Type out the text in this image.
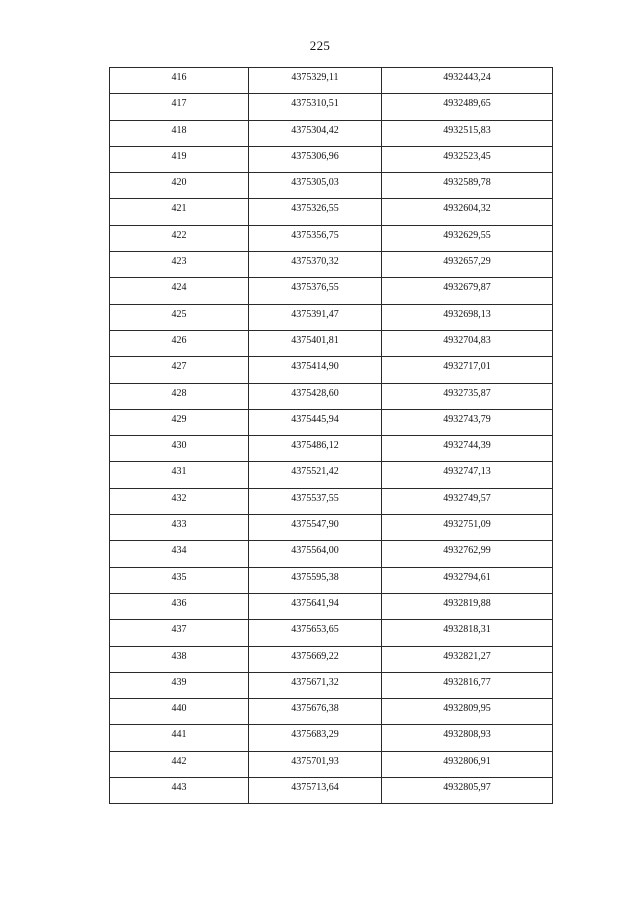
225
416	4375329,11	4932443,24
417	4375310,51	4932489,65
418	4375304,42	4932515,83
419	4375306,96	4932523,45
420	4375305,03	4932589,78
421	4375326,55	4932604,32
422	4375356,75	4932629,55
423	4375370,32	4932657,29
424	4375376,55	4932679,87
425	4375391,47	4932698,13
426	4375401,81	4932704,83
427	4375414,90	4932717,01
428	4375428,60	4932735,87
429	4375445,94	4932743,79
430	4375486,12	4932744,39
431	4375521,42	4932747,13
432	4375537,55	4932749,57
433	4375547,90	4932751,09
434	4375564,00	4932762,99
435	4375595,38	4932794,61
436	4375641,94	4932819,88
437	4375653,65	4932818,31
438	4375669,22	4932821,27
439	4375671,32	4932816,77
440	4375676,38	4932809,95
441	4375683,29	4932808,93
442	4375701,93	4932806,91
443	4375713,64	4932805,97
